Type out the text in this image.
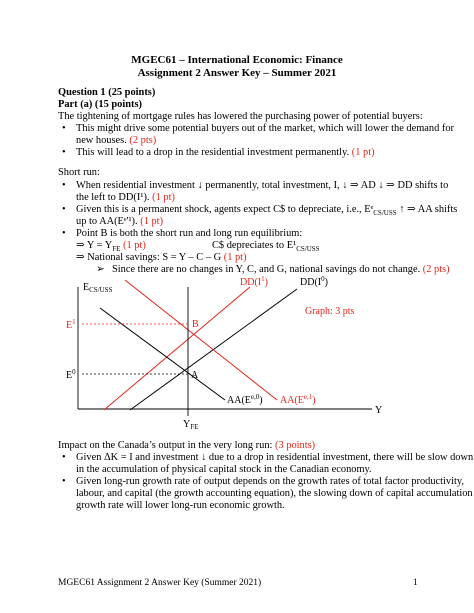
MGEC61 – International Economic: Finance
Assignment 2 Answer Key – Summer 2021
Question 1 (25 points)
Part (a) (15 points)
The tightening of mortgage rules has lowered the purchasing power of potential buyers:
• This might drive some potential buyers out of the market, which will lower the demand for
new houses. (2 pts)
• This will lead to a drop in the residential investment permanently. (1 pt)
Short run:
• When residential investment ↓ permanently, total investment, I, ↓ ⇒ AD ↓ ⇒ DD shifts to
the left to DD(I¹). (1 pt)
• Given this is a permanent shock, agents expect C$ to depreciate, i.e., Eᵉ$_{CS/USS}$ ↑ ⇒ AA shifts
up to AA(Eᵉ'¹). (1 pt)
• Point B is both the short run and long run equilibrium:
⇒ $Y = Y_{FE}$ (1 pt)	C$ depreciates to $E^1_{CS/USS}$
⇒ National savings: S = Y – C – G (1 pt)
➢ Since there are no changes in Y, C, and G, national savings do not change. (2 pts)
$E_{CS/USS}$
Y
$Y_{FE}$
$E^1$
$E^0$
B
A
$DD(I^1)$	$DD(I^0)$
Graph: 3 pts
$AA(E^{e,0})$ $AA(E^{e,1})$
Impact on the Canada’s output in the very long run: (3 points)
• Given ΔK = I and investment ↓ due to a drop in residential investment, there will be slow down
in the accumulation of physical capital stock in the Canadian economy.
• Given long-run growth rate of output depends on the growth rates of total factor productivity,
labour, and capital (the growth accounting equation), the slowing down of capital accumulation
growth rate will lower long-run economic growth.
MGEC61 Assignment 2 Answer Key (Summer 2021)	1
